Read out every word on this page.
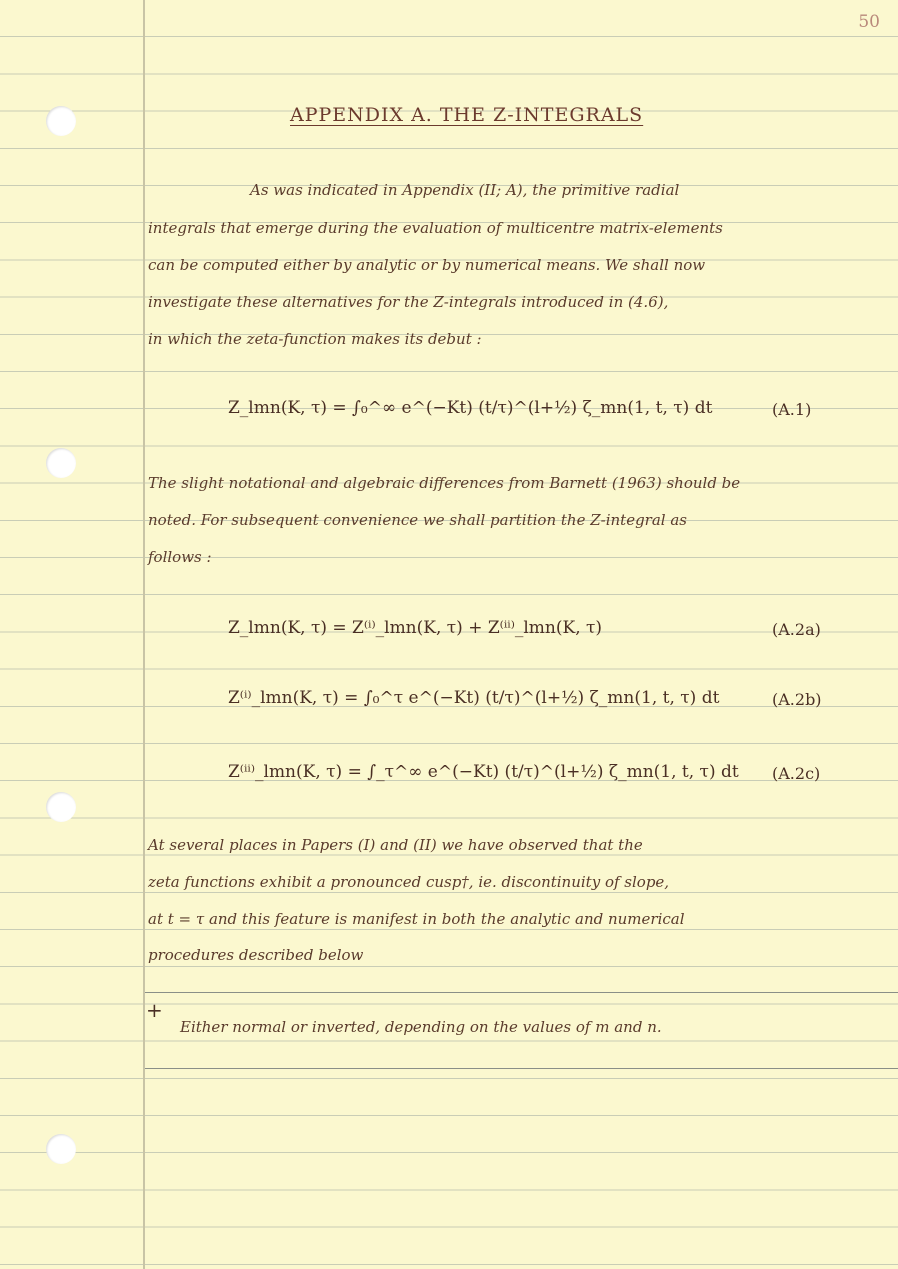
50
APPENDIX A. THE Z-INTEGRALS
As was indicated in Appendix (II; A), the primitive radial
integrals that emerge during the evaluation of multicentre matrix-elements
can be computed either by analytic or by numerical means. We shall now
investigate these alternatives for the Z-integrals introduced in (4.6),
in which the zeta-function makes its debut :
Z_lmn(K, τ) = ∫₀^∞ e^(−Kt) (t/τ)^(l+½) ζ_mn(1, t, τ) dt	(A.1)
The slight notational and algebraic differences from Barnett (1963) should be
noted. For subsequent convenience we shall partition the Z-integral as
follows :
Z_lmn(K, τ) = Z⁽ⁱ⁾_lmn(K, τ) + Z⁽ⁱⁱ⁾_lmn(K, τ)	(A.2a)
Z⁽ⁱ⁾_lmn(K, τ) = ∫₀^τ e^(−Kt) (t/τ)^(l+½) ζ_mn(1, t, τ) dt	(A.2b)
Z⁽ⁱⁱ⁾_lmn(K, τ) = ∫_τ^∞ e^(−Kt) (t/τ)^(l+½) ζ_mn(1, t, τ) dt (A.2c)
At several places in Papers (I) and (II) we have observed that the
zeta functions exhibit a pronounced cusp†, ie. discontinuity of slope,
at t = τ and this feature is manifest in both the analytic and numerical
procedures described below
+
Either normal or inverted, depending on the values of m and n.
